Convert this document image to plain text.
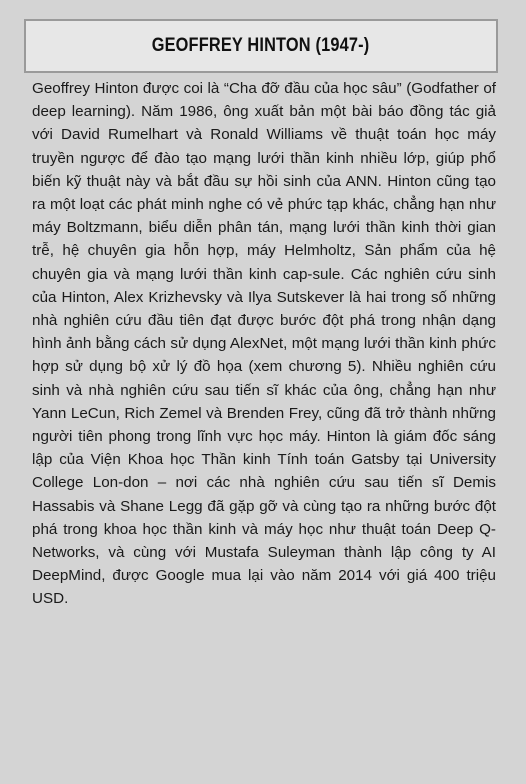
GEOFFREY HINTON (1947-)

Geoffrey Hinton được coi là “Cha đỡ đầu của học sâu” (Godfather of deep learning). Năm 1986, ông xuất bản một bài báo đồng tác giả với David Rumelhart và Ronald Williams về thuật toán học máy truyền ngược để đào tạo mạng lưới thần kinh nhiều lớp, giúp phổ biến kỹ thuật này và bắt đầu sự hồi sinh của ANN. Hinton cũng tạo ra một loạt các phát minh nghe có vẻ phức tạp khác, chẳng hạn như máy Boltzmann, biểu diễn phân tán, mạng lưới thần kinh thời gian trễ, hệ chuyên gia hỗn hợp, máy Helmholtz, Sản phẩm của hệ chuyên gia và mạng lưới thần kinh cap-sule. Các nghiên cứu sinh của Hinton, Alex Krizhevsky và Ilya Sutskever là hai trong số những nhà nghiên cứu đầu tiên đạt được bước đột phá trong nhận dạng hình ảnh bằng cách sử dụng AlexNet, một mạng lưới thần kinh phức hợp sử dụng bộ xử lý đồ họa (xem chương 5). Nhiều nghiên cứu sinh và nhà nghiên cứu sau tiến sĩ khác của ông, chẳng hạn như Yann LeCun, Rich Zemel và Brenden Frey, cũng đã trở thành những người tiên phong trong lĩnh vực học máy. Hinton là giám đốc sáng lập của Viện Khoa học Thần kinh Tính toán Gatsby tại University College Lon-don – nơi các nhà nghiên cứu sau tiến sĩ Demis Hassabis và Shane Legg đã gặp gỡ và cùng tạo ra những bước đột phá trong khoa học thần kinh và máy học như thuật toán Deep Q-Networks, và cùng với Mustafa Suleyman thành lập công ty AI DeepMind, được Google mua lại vào năm 2014 với giá 400 triệu USD.
